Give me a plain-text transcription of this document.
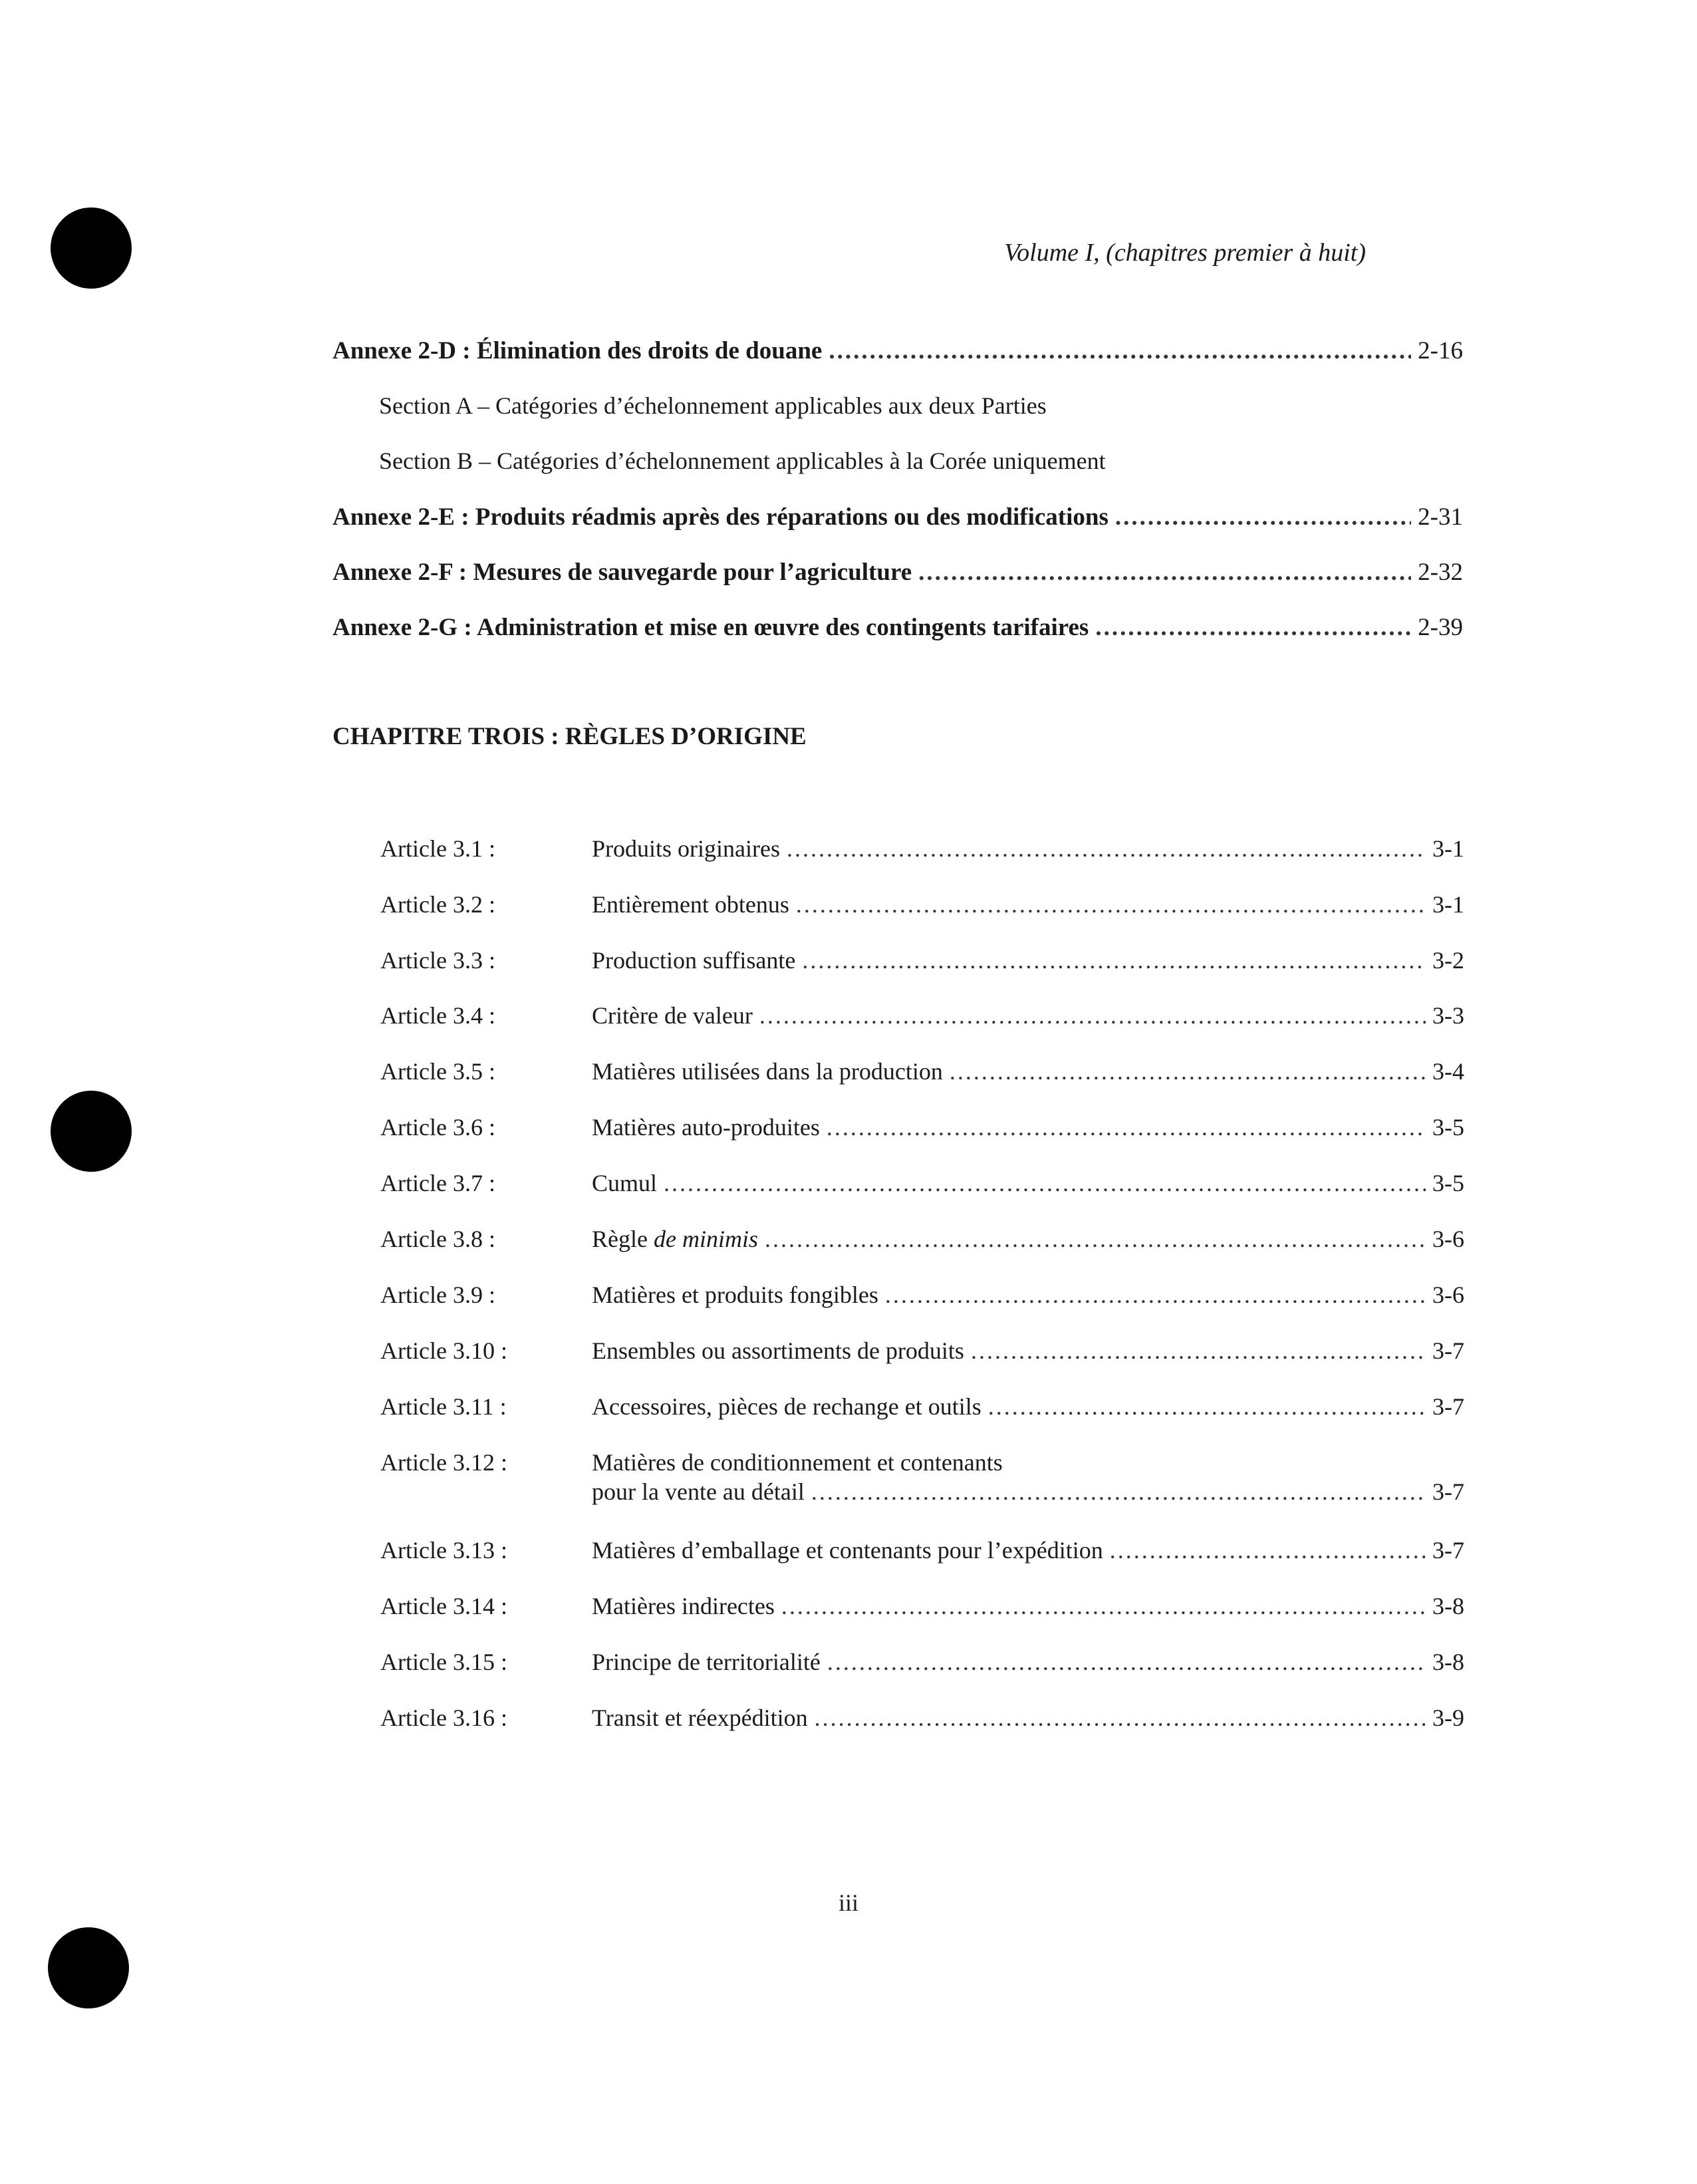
Volume I, (chapitres premier à huit)
Annexe 2-D : Élimination des droits de douane .....	2-16
Section A – Catégories d’échelonnement applicables aux deux Parties
Section B – Catégories d’échelonnement applicables à la Corée uniquement
Annexe 2-E : Produits réadmis après des réparations ou des modifications .....	2-31
Annexe 2-F : Mesures de sauvegarde pour l’agriculture .....	2-32
Annexe 2-G : Administration et mise en œuvre des contingents tarifaires .....	2-39
CHAPITRE TROIS : RÈGLES D’ORIGINE
Article 3.1 :	Produits originaires .....	3-1
Article 3.2 :	Entièrement obtenus .....	3-1
Article 3.3 :	Production suffisante .....	3-2
Article 3.4 :	Critère de valeur .....	3-3
Article 3.5 :	Matières utilisées dans la production .....	3-4
Article 3.6 :	Matières auto-produites .....	3-5
Article 3.7 :	Cumul .....	3-5
Article 3.8 :	Règle de minimis .....	3-6
Article 3.9 :	Matières et produits fongibles .....	3-6
Article 3.10 :	Ensembles ou assortiments de produits .....	3-7
Article 3.11 :	Accessoires, pièces de rechange et outils .....	3-7
Article 3.12 :	Matières de conditionnement et contenants
pour la vente au détail .....	3-7
Article 3.13 :	Matières d’emballage et contenants pour l’expédition .....	3-7
Article 3.14 :	Matières indirectes .....	3-8
Article 3.15 :	Principe de territorialité .....	3-8
Article 3.16 :	Transit et réexpédition .....	3-9
iii
